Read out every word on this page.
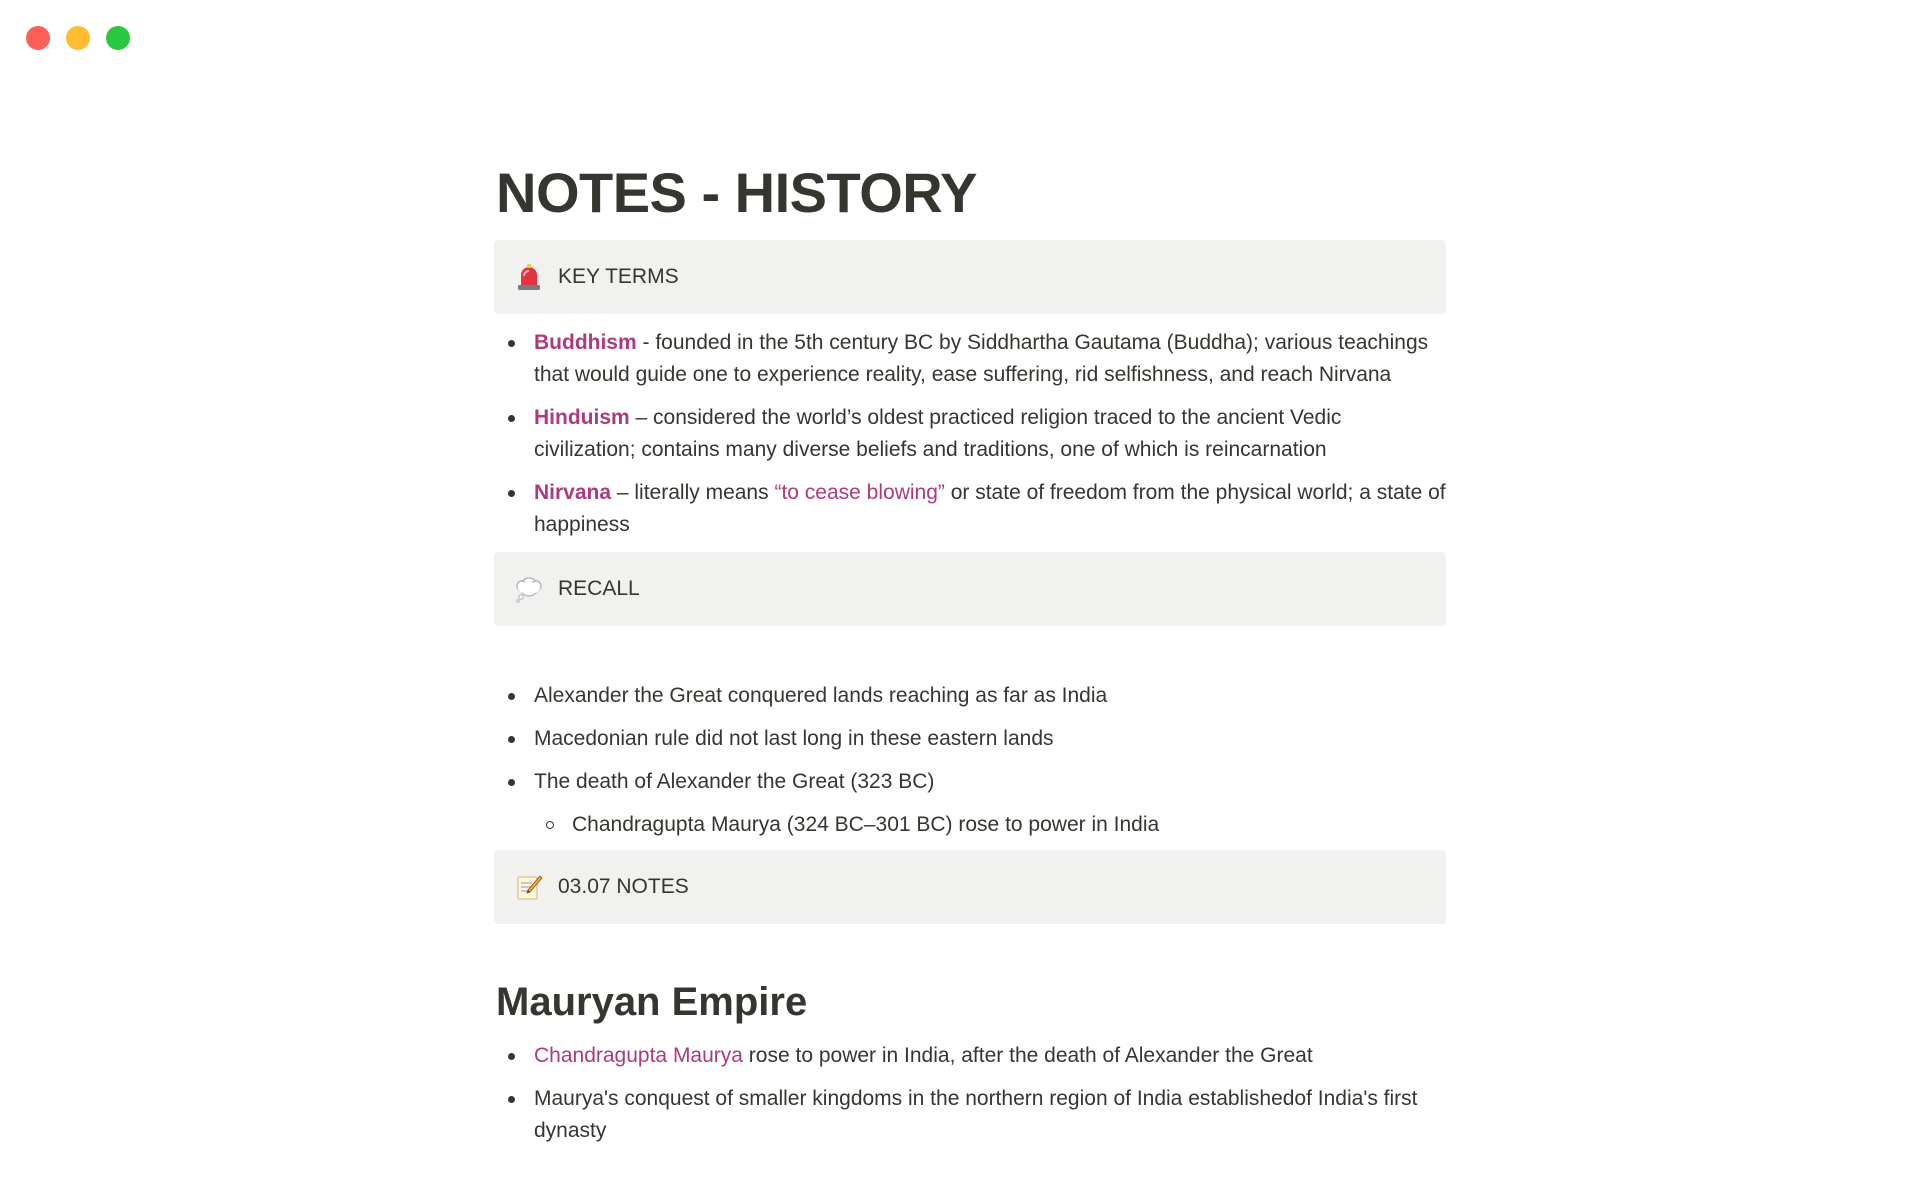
NOTES - HISTORY
KEY TERMS
Buddhism - founded in the 5th century BC by Siddhartha Gautama (Buddha); various teachings that would guide one to experience reality, ease suffering, rid selfishness, and reach Nirvana
Hinduism – considered the world’s oldest practiced religion traced to the ancient Vedic civilization; contains many diverse beliefs and traditions, one of which is reincarnation
Nirvana – literally means “to cease blowing” or state of freedom from the physical world; a state of happiness
RECALL
Alexander the Great conquered lands reaching as far as India
Macedonian rule did not last long in these eastern lands
The death of Alexander the Great (323 BC)
Chandragupta Maurya (324 BC–301 BC) rose to power in India
03.07 NOTES
Mauryan Empire
Chandragupta Maurya rose to power in India, after the death of Alexander the Great
Maurya's conquest of smaller kingdoms in the northern region of India establishedof India's first dynasty
